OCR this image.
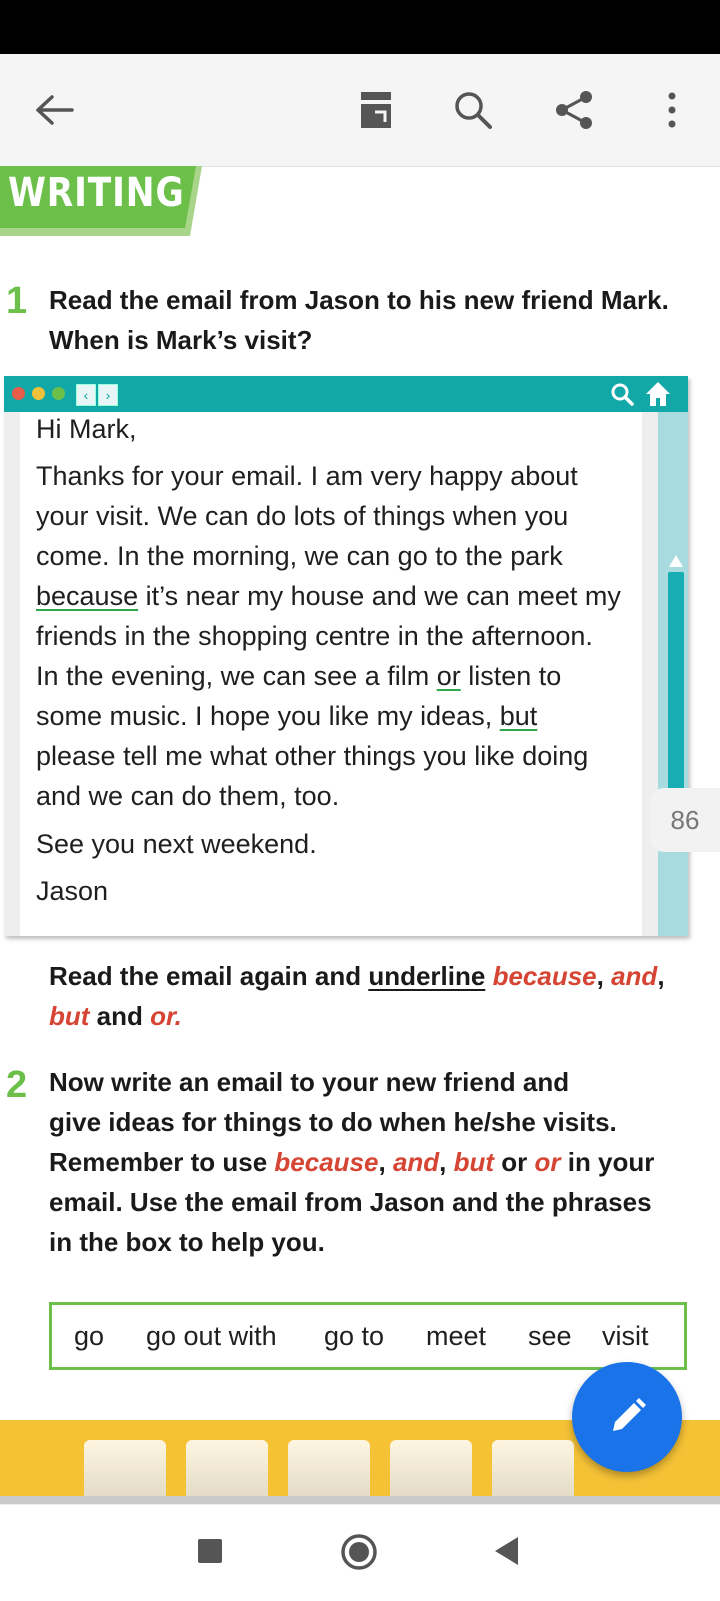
WRITING
1 Read the email from Jason to his new friend Mark.
When is Mark’s visit?
‹	›
Hi Mark,
Thanks for your email. I am very happy about
your visit. We can do lots of things when you
come. In the morning, we can go to the park
because it’s near my house and we can meet my
friends in the shopping centre in the afternoon.
In the evening, we can see a film or listen to
some music. I hope you like my ideas, but
please tell me what other things you like doing
and we can do them, too.
See you next weekend.
Jason
86
Read the email again and underline because, and,
but and or.
2 Now write an email to your new friend and
give ideas for things to do when he/she visits.
Remember to use because, and, but or or in your
email. Use the email from Jason and the phrases
in the box to help you.
go go out with go to meet see visit
